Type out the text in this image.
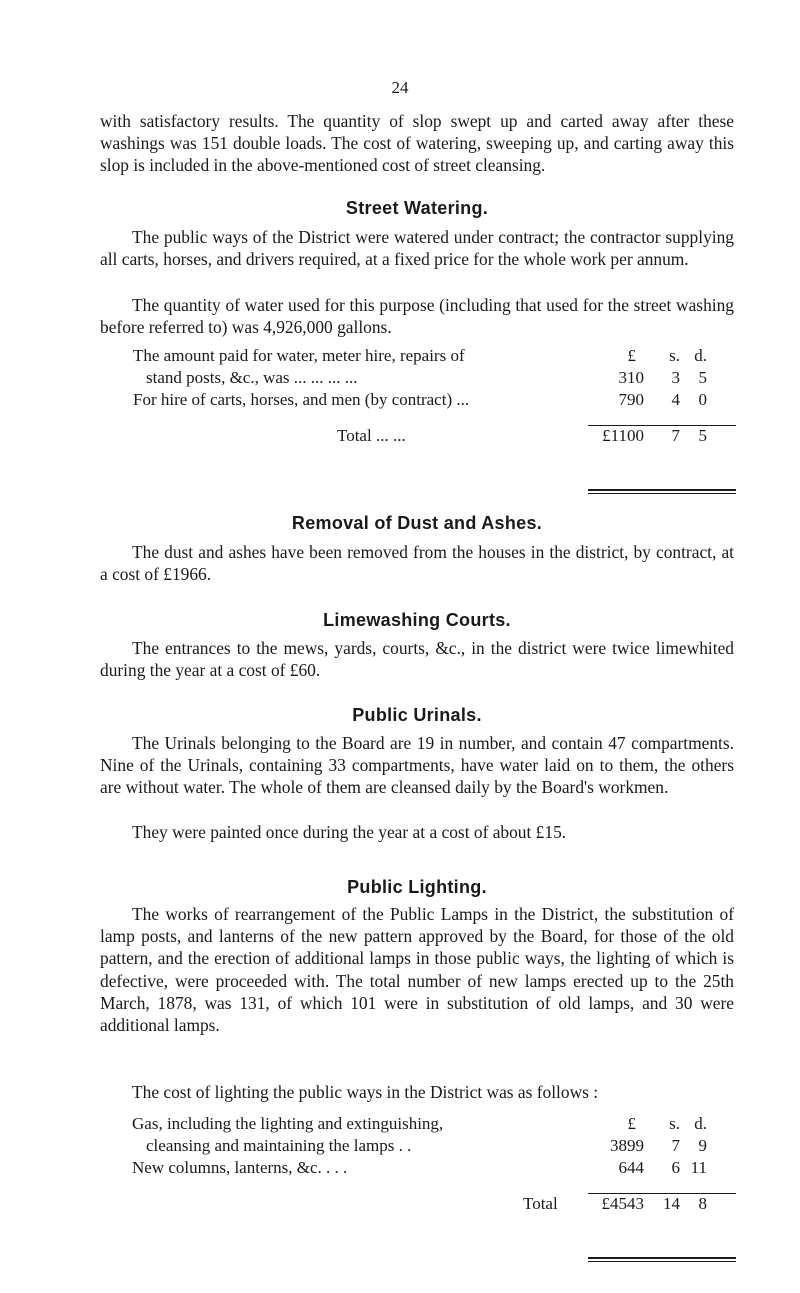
24

with satisfactory results. The quantity of slop swept up and carted away after these washings was 151 double loads. The cost of watering, sweeping up, and carting away this slop is included in the above-mentioned cost of street cleansing.

Street Watering.

The public ways of the District were watered under contract; the contractor supplying all carts, horses, and drivers required, at a fixed price for the whole work per annum.

The quantity of water used for this purpose (including that used for the street washing before referred to) was 4,926,000 gallons.

The amount paid for water, meter hire, repairs of	£	s. d.
stand posts, &c., was ... ... ... ...	310	3	5
For hire of carts, horses, and men (by contract) ...	790	4	0
Total ... ...	£1100	7	5
Removal of Dust and Ashes.

The dust and ashes have been removed from the houses in the district, by contract, at a cost of £1966.

Limewashing Courts.

The entrances to the mews, yards, courts, &c., in the district were twice limewhited during the year at a cost of £60.

Public Urinals.

The Urinals belonging to the Board are 19 in number, and contain 47 compartments. Nine of the Urinals, containing 33 compartments, have water laid on to them, the others are without water. The whole of them are cleansed daily by the Board's workmen.

They were painted once during the year at a cost of about £15.

Public Lighting.

The works of rearrangement of the Public Lamps in the District, the substitution of lamp posts, and lanterns of the new pattern approved by the Board, for those of the old pattern, and the erection of additional lamps in those public ways, the lighting of which is defective, were proceeded with. The total number of new lamps erected up to the 25th March, 1878, was 131, of which 101 were in substitution of old lamps, and 30 were additional lamps.

The cost of lighting the public ways in the District was as follows :

Gas, including the lighting and extinguishing,	£	s. d.
cleansing and maintaining the lamps . .	3899	7	9
New columns, lanterns, &c. . . .	644	6 11
Total	£4543 14	8
